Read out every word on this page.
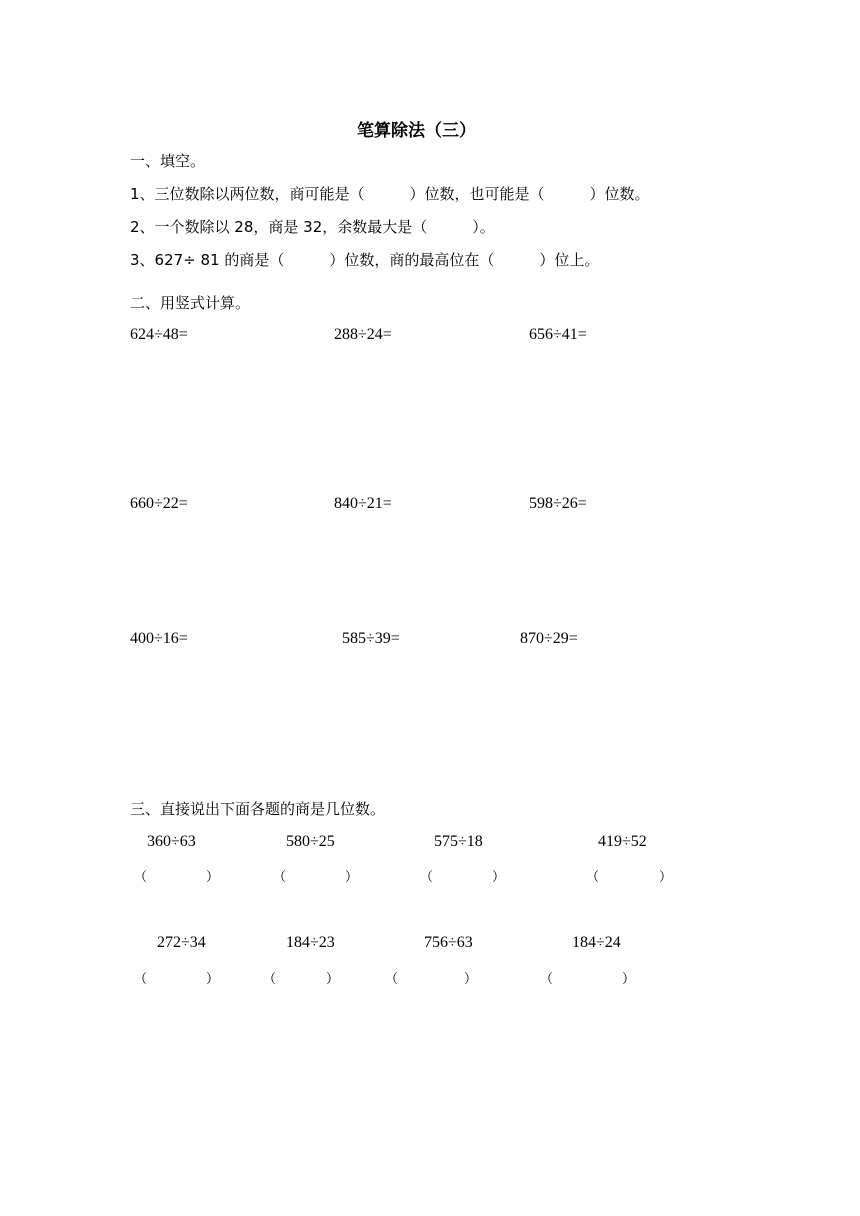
笔算除法（三）
一、填空。
1、三位数除以两位数，商可能是（　　　）位数，也可能是（　　　）位数。
2、一个数除以 28，商是 32，余数最大是（　　　）。
3、627÷ 81 的商是（　　　）位数，商的最高位在（　　　）位上。
二、用竖式计算。
624÷48=	288÷24=	656÷41=
660÷22=	840÷21=	598÷26=
400÷16=	585÷39=	870÷29=
三、直接说出下面各题的商是几位数。
360÷63	580÷25	575÷18	419÷52
（	）	（	）	（	）	（	）
272÷34	184÷23	756÷63	184÷24
（	）	（	）	（	）	（	）
